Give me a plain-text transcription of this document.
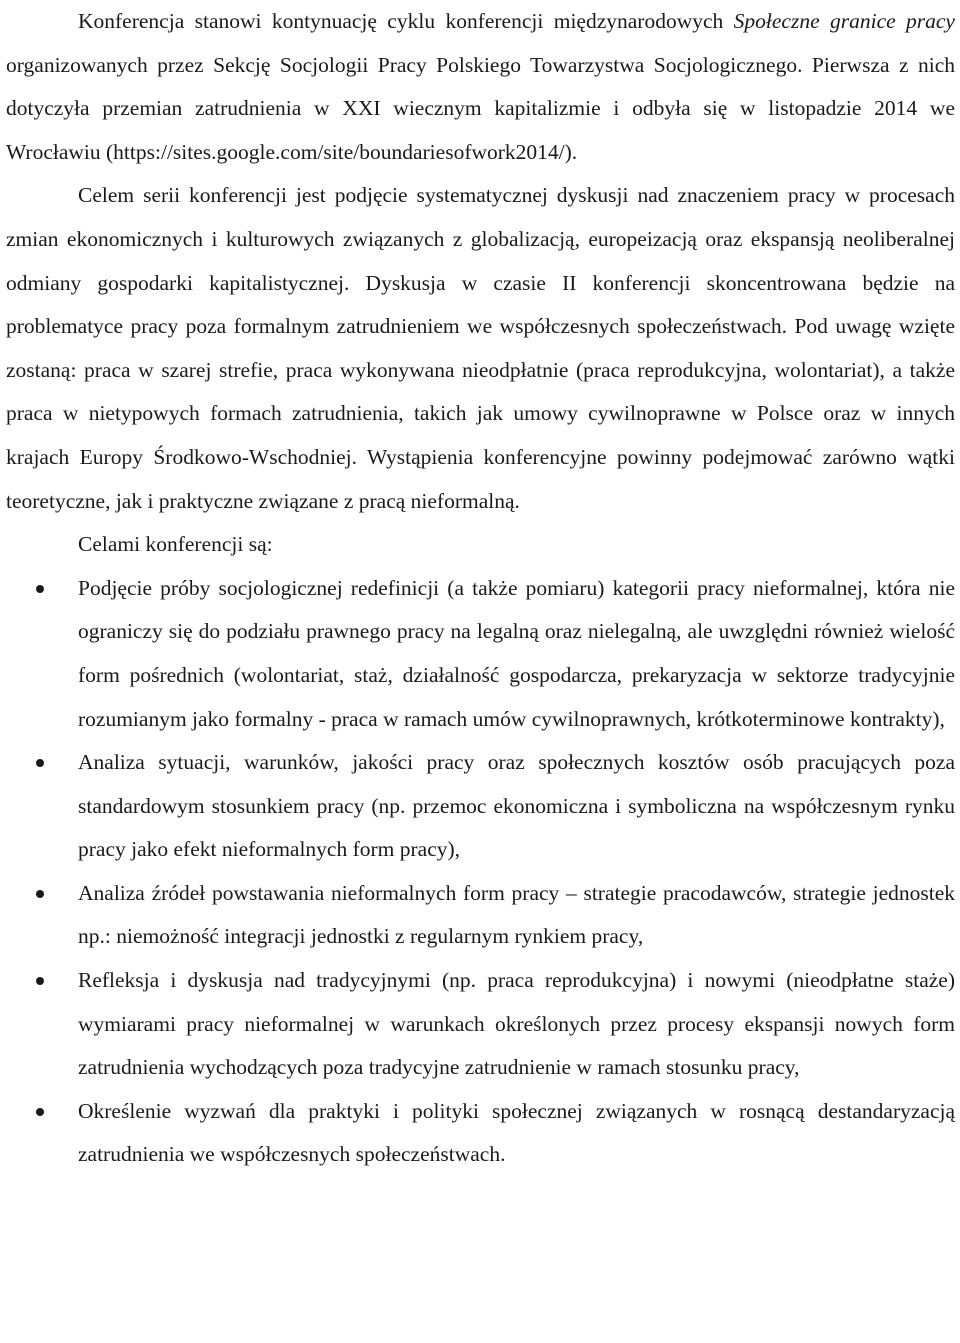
Konferencja stanowi kontynuację cyklu konferencji międzynarodowych Społeczne granice pracy organizowanych przez Sekcję Socjologii Pracy Polskiego Towarzystwa Socjologicznego. Pierwsza z nich dotyczyła przemian zatrudnienia w XXI wiecznym kapitalizmie i odbyła się w listopadzie 2014 we Wrocławiu (https://sites.google.com/site/boundariesofwork2014/).

Celem serii konferencji jest podjęcie systematycznej dyskusji nad znaczeniem pracy w procesach zmian ekonomicznych i kulturowych związanych z globalizacją, europeizacją oraz ekspansją neoliberalnej odmiany gospodarki kapitalistycznej. Dyskusja w czasie II konferencji skoncentrowana będzie na problematyce pracy poza formalnym zatrudnieniem we współczesnych społeczeństwach. Pod uwagę wzięte zostaną: praca w szarej strefie, praca wykonywana nieodpłatnie (praca reprodukcyjna, wolontariat), a także praca w nietypowych formach zatrudnienia, takich jak umowy cywilnoprawne w Polsce oraz w innych krajach Europy Środkowo-Wschodniej. Wystąpienia konferencyjne powinny podejmować zarówno wątki teoretyczne, jak i praktyczne związane z pracą nieformalną.

Celami konferencji są:

Podjęcie próby socjologicznej redefinicji (a także pomiaru) kategorii pracy nieformalnej, która nie ograniczy się do podziału prawnego pracy na legalną oraz nielegalną, ale uwzględni również wielość form pośrednich (wolontariat, staż, działalność gospodarcza, prekaryzacja w sektorze tradycyjnie rozumianym jako formalny - praca w ramach umów cywilnoprawnych, krótkoterminowe kontrakty),
Analiza sytuacji, warunków, jakości pracy oraz społecznych kosztów osób pracujących poza standardowym stosunkiem pracy (np. przemoc ekonomiczna i symboliczna na współczesnym rynku pracy jako efekt nieformalnych form pracy),
Analiza źródeł powstawania nieformalnych form pracy – strategie pracodawców, strategie jednostek np.: niemożność integracji jednostki z regularnym rynkiem pracy,
Refleksja i dyskusja nad tradycyjnymi (np. praca reprodukcyjna) i nowymi (nieodpłatne staże) wymiarami pracy nieformalnej w warunkach określonych przez procesy ekspansji nowych form zatrudnienia wychodzących poza tradycyjne zatrudnienie w ramach stosunku pracy,
Określenie wyzwań dla praktyki i polityki społecznej związanych w rosnącą destandaryzacją zatrudnienia we współczesnych społeczeństwach.
